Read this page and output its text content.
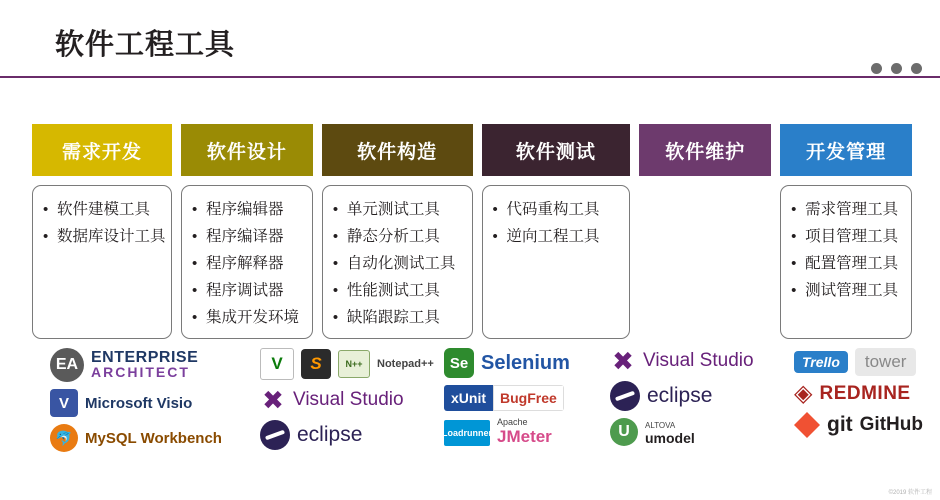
软件工程工具
需求开发
• 软件建模工具
• 数据库设计工具
软件设计
• 程序编辑器
• 程序编译器
• 程序解释器
• 程序调试器
• 集成开发环境
软件构造
• 单元测试工具
• 静态分析工具
• 自动化测试工具
• 性能测试工具
• 缺陷跟踪工具
软件测试
• 代码重构工具
• 逆向工程工具
软件维护	开发管理
• 需求管理工具
• 项目管理工具
• 配置管理工具
• 测试管理工具
EA ENTERPRISE
ARCHITECT
V	Microsoft Visio
🐬 MySQL Workbench
V	S	N++	Notepad++
✖ Visual Studio
eclipse
Se Selenium
xUnit	BugFree
Loadrunner
Apache
JMeter
✖ Visual Studio
eclipse
U	ALTOVA
umodel
Trello	tower
◈ REDMINE
git GitHub
©2019 软件工程
